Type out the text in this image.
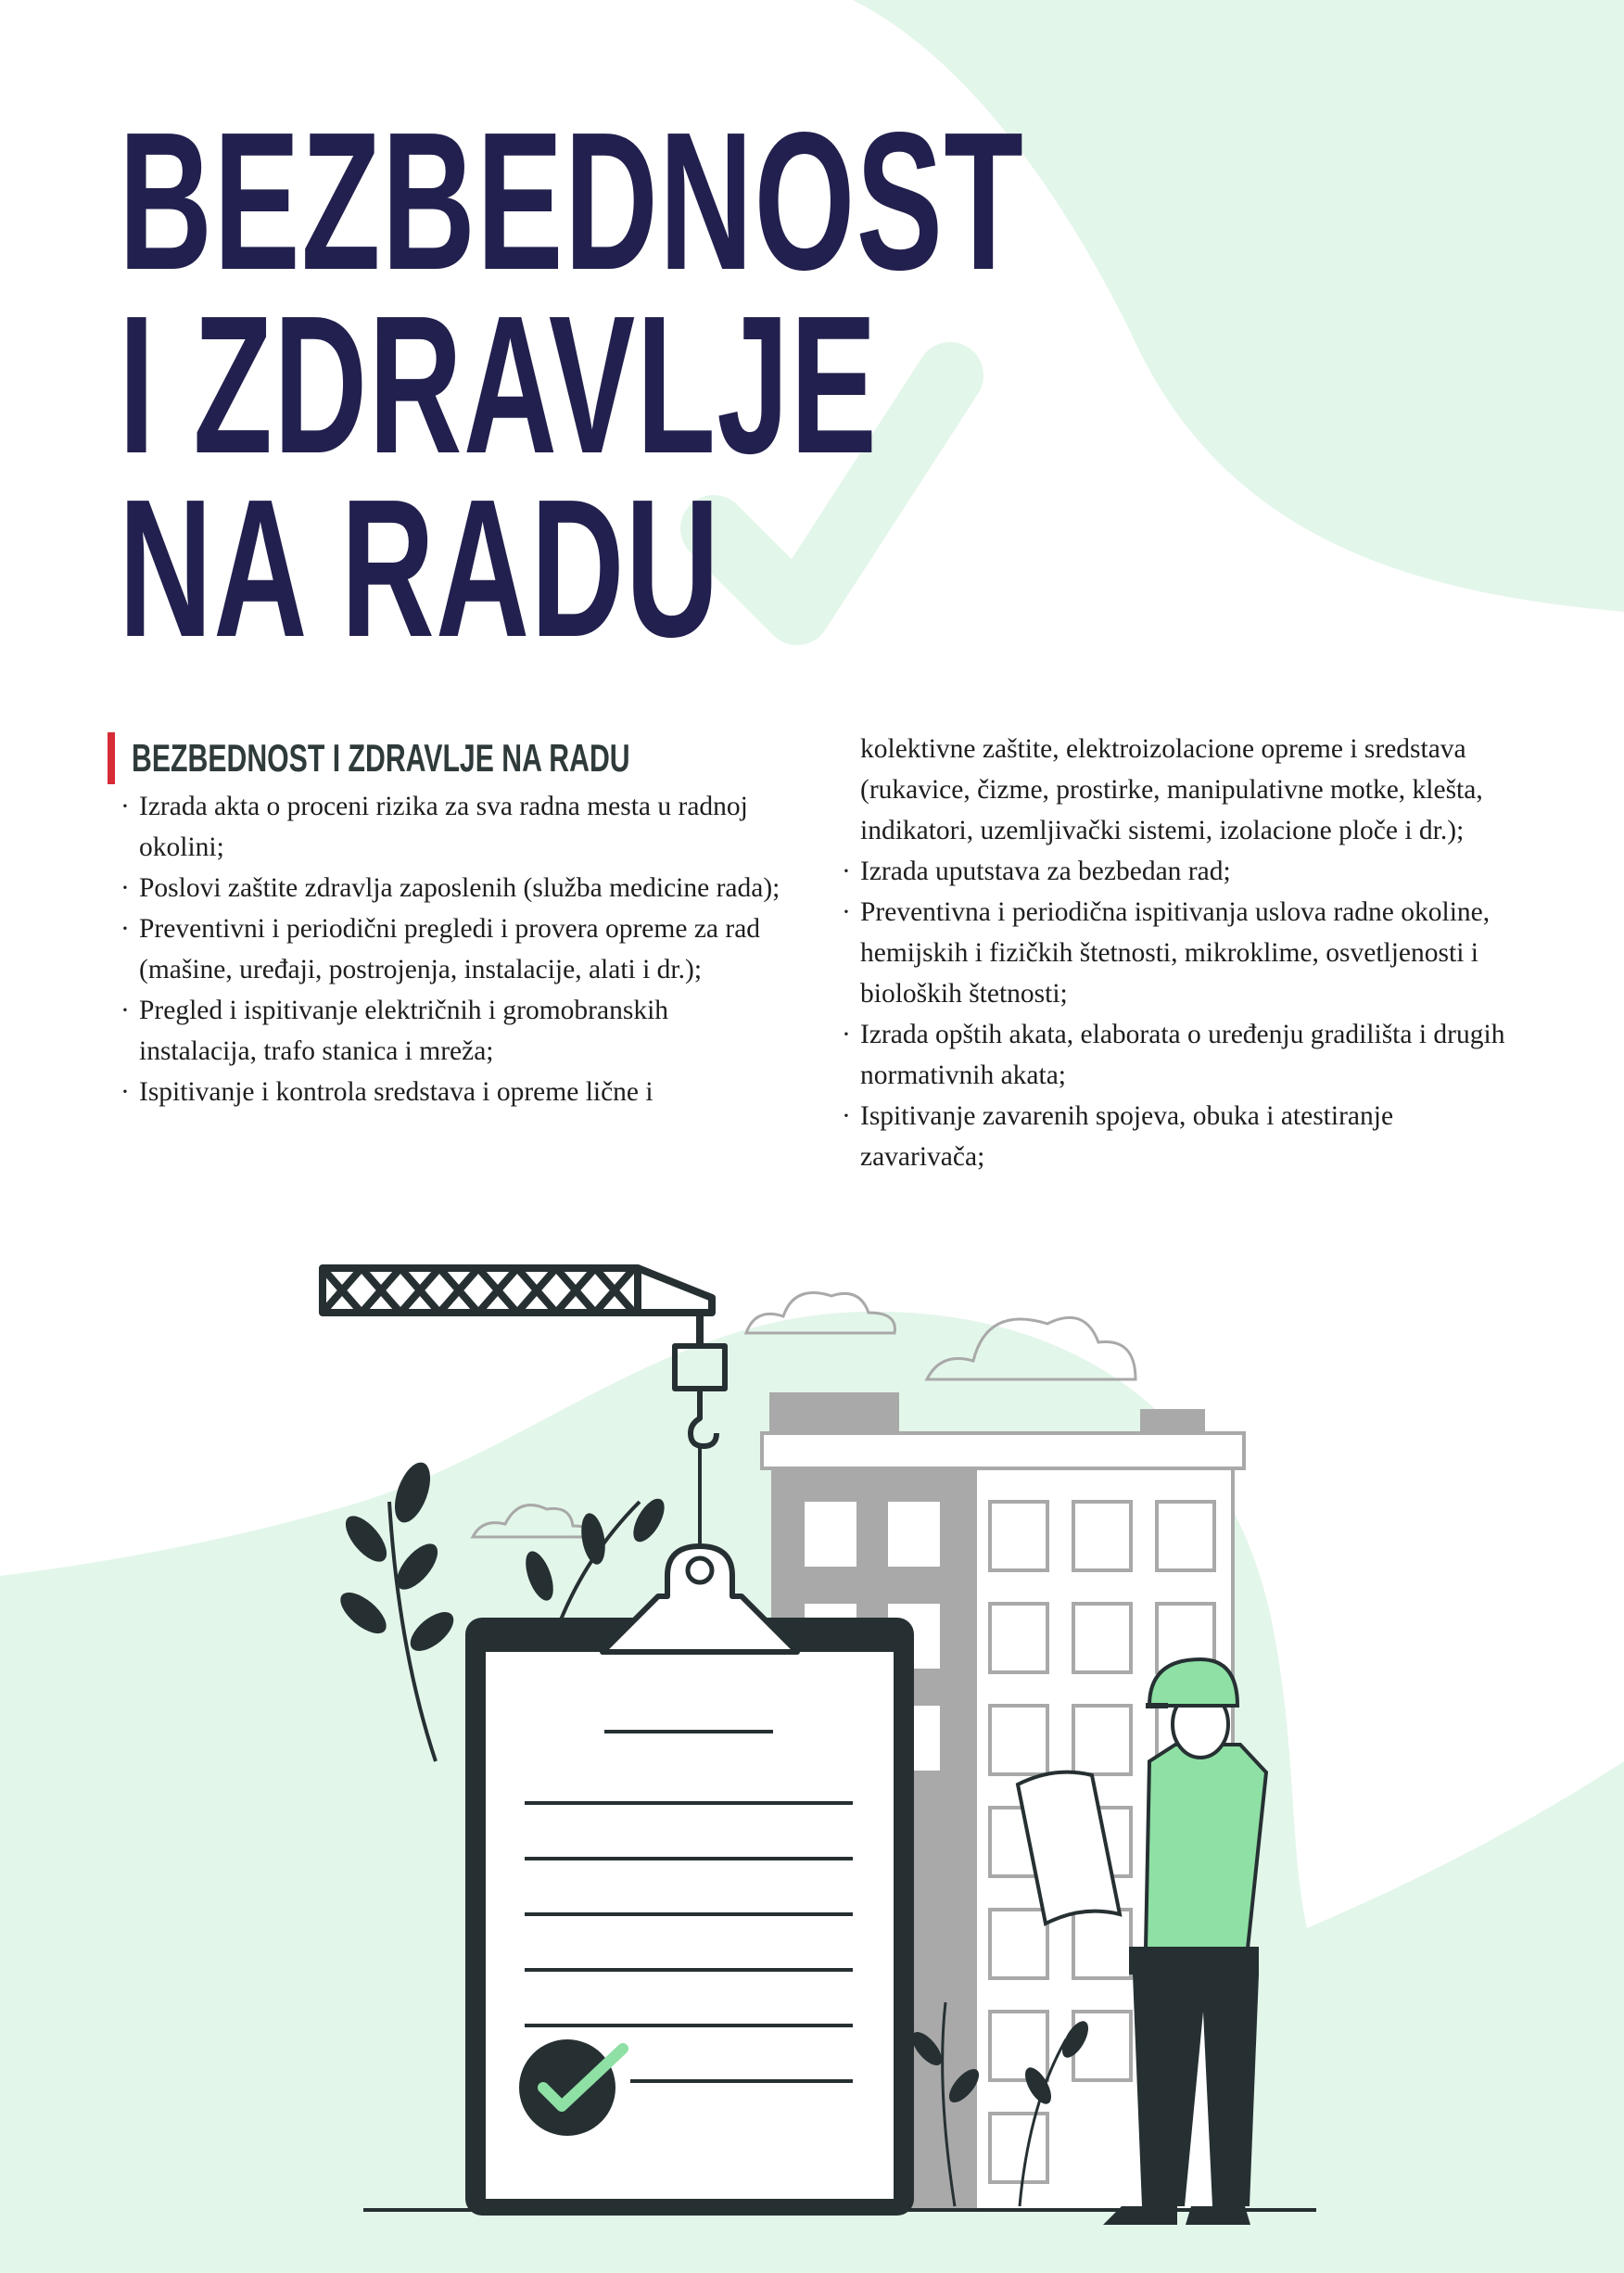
BEZBEDNOST
I ZDRAVLJE
NA RADU
BEZBEDNOST I ZDRAVLJE NA RADU

· Izrada akta o proceni rizika za sva radna mesta u radnoj okolini;

· Poslovi zaštite zdravlja zaposlenih (služba medicine rada);

· Preventivni i periodični pregledi i provera opreme za rad (mašine, uređaji, postrojenja, instalacije, alati i dr.);

· Pregled i ispitivanje električnih i gromobranskih instalacija, trafo stanica i mreža;

· Ispitivanje i kontrola sredstava i opreme lične i

kolektivne zaštite, elektroizolacione opreme i sredstava (rukavice, čizme, prostirke, manipulativne motke, klešta, indikatori, uzemljivački sistemi, izolacione ploče i dr.);

· Izrada uputstava za bezbedan rad;

· Preventivna i periodična ispitivanja uslova radne okoline, hemijskih i fizičkih štetnosti, mikroklime, osvetljenosti i bioloških štetnosti;

· Izrada opštih akata, elaborata o uređenju gradilišta i drugih normativnih akata;

· Ispitivanje zavarenih spojeva, obuka i atestiranje zavarivača;
